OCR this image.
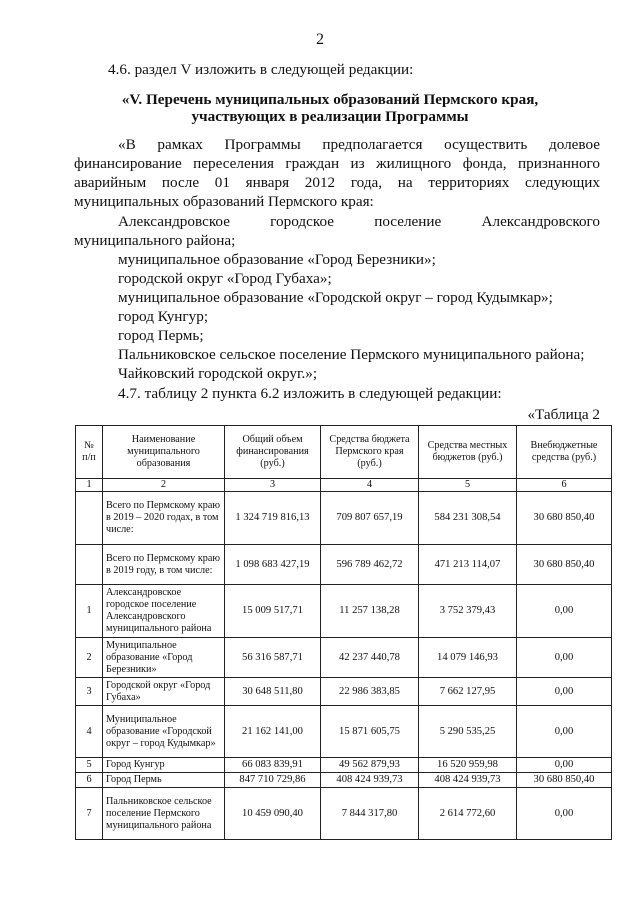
2
4.6. раздел V изложить в следующей редакции:
«V. Перечень муниципальных образований Пермского края,
участвующих в реализации Программы
«В рамках Программы предполагается осуществить долевое
финансирование переселения граждан из жилищного фонда, признанного
аварийным после 01 января 2012 года, на территориях следующих
муниципальных образований Пермского края:
Александровское городское поселение Александровского
муниципального района;
муниципальное образование «Город Березники»;
городской округ «Город Губаха»;
муниципальное образование «Городской округ – город Кудымкар»;
город Кунгур;
город Пермь;
Пальниковское сельское поселение Пермского муниципального района;
Чайковский городской округ.»;
4.7. таблицу 2 пункта 6.2 изложить в следующей редакции:
«Таблица 2
№ п/п	Наименование муниципального образования	Общий объем финансирования (руб.)	Средства бюджета Пермского края (руб.)	Средства местных бюджетов (руб.)	Внебюджетные средства (руб.)
1	2	3	4	5	6
	Всего по Пермскому краю в 2019 – 2020 годах, в том числе:	1 324 719 816,13	709 807 657,19	584 231 308,54	30 680 850,40
	Всего по Пермскому краю в 2019 году, в том числе:	1 098 683 427,19	596 789 462,72	471 213 114,07	30 680 850,40
1	Александровское городское поселение Александровского муниципального района	15 009 517,71	11 257 138,28	3 752 379,43	0,00
2	Муниципальное образование «Город Березники»	56 316 587,71	42 237 440,78	14 079 146,93	0,00
3	Городской округ «Город Губаха»	30 648 511,80	22 986 383,85	7 662 127,95	0,00
4	Муниципальное образование «Городской округ – город Кудымкар»	21 162 141,00	15 871 605,75	5 290 535,25	0,00
5	Город Кунгур	66 083 839,91	49 562 879,93	16 520 959,98	0,00
6	Город Пермь	847 710 729,86	408 424 939,73	408 424 939,73	30 680 850,40
7	Пальниковское сельское поселение Пермского муниципального района	10 459 090,40	7 844 317,80	2 614 772,60	0,00
